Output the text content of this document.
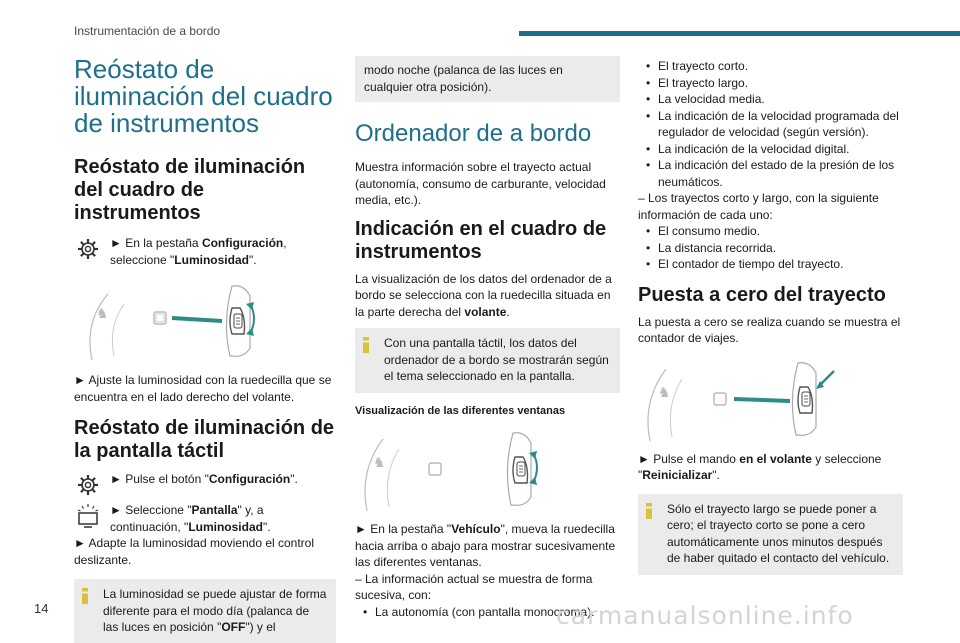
Instrumentación de a bordo
Reóstato de iluminación del cuadro de instrumentos
Reóstato de iluminación del cuadro de instrumentos

► En la pestaña Configuración, seleccione "Luminosidad".

♞

► Ajuste la luminosidad con la ruedecilla que se encuentra en el lado derecho del volante.

Reóstato de iluminación de la pantalla táctil

► Pulse el botón "Configuración".

► Seleccione "Pantalla" y, a continuación, "Luminosidad".

► Adapte la luminosidad moviendo el control deslizante.

La luminosidad se puede ajustar de forma diferente para el modo día (palanca de las luces en posición "OFF") y el
modo noche (palanca de las luces en cualquier otra posición).
Ordenador de a bordo

Muestra información sobre el trayecto actual (autonomía, consumo de carburante, velocidad media, etc.).

Indicación en el cuadro de instrumentos

La visualización de los datos del ordenador de a bordo se selecciona con la ruedecilla situada en la parte derecha del volante.

Con una pantalla táctil, los datos del ordenador de a bordo se mostrarán según el tema seleccionado en la pantalla.

Visualización de las diferentes ventanas

♞

► En la pestaña "Vehículo", mueva la ruedecilla hacia arriba o abajo para mostrar sucesivamente las diferentes ventanas.

– La información actual se muestra de forma sucesiva, con:

• La autonomía (con pantalla monocroma).
• El trayecto corto.
• El trayecto largo.
• La velocidad media.
• La indicación de la velocidad programada del regulador de velocidad (según versión).
• La indicación de la velocidad digital.
• La indicación del estado de la presión de los neumáticos.

– Los trayectos corto y largo, con la siguiente información de cada uno:

• El consumo medio.
• La distancia recorrida.
• El contador de tiempo del trayecto.
Puesta a cero del trayecto

La puesta a cero se realiza cuando se muestra el contador de viajes.

♞

► Pulse el mando en el volante y seleccione "Reinicializar".

Sólo el trayecto largo se puede poner a cero; el trayecto corto se pone a cero automáticamente unos minutos después de haber quitado el contacto del vehículo.
14	carmanualsonline.info
